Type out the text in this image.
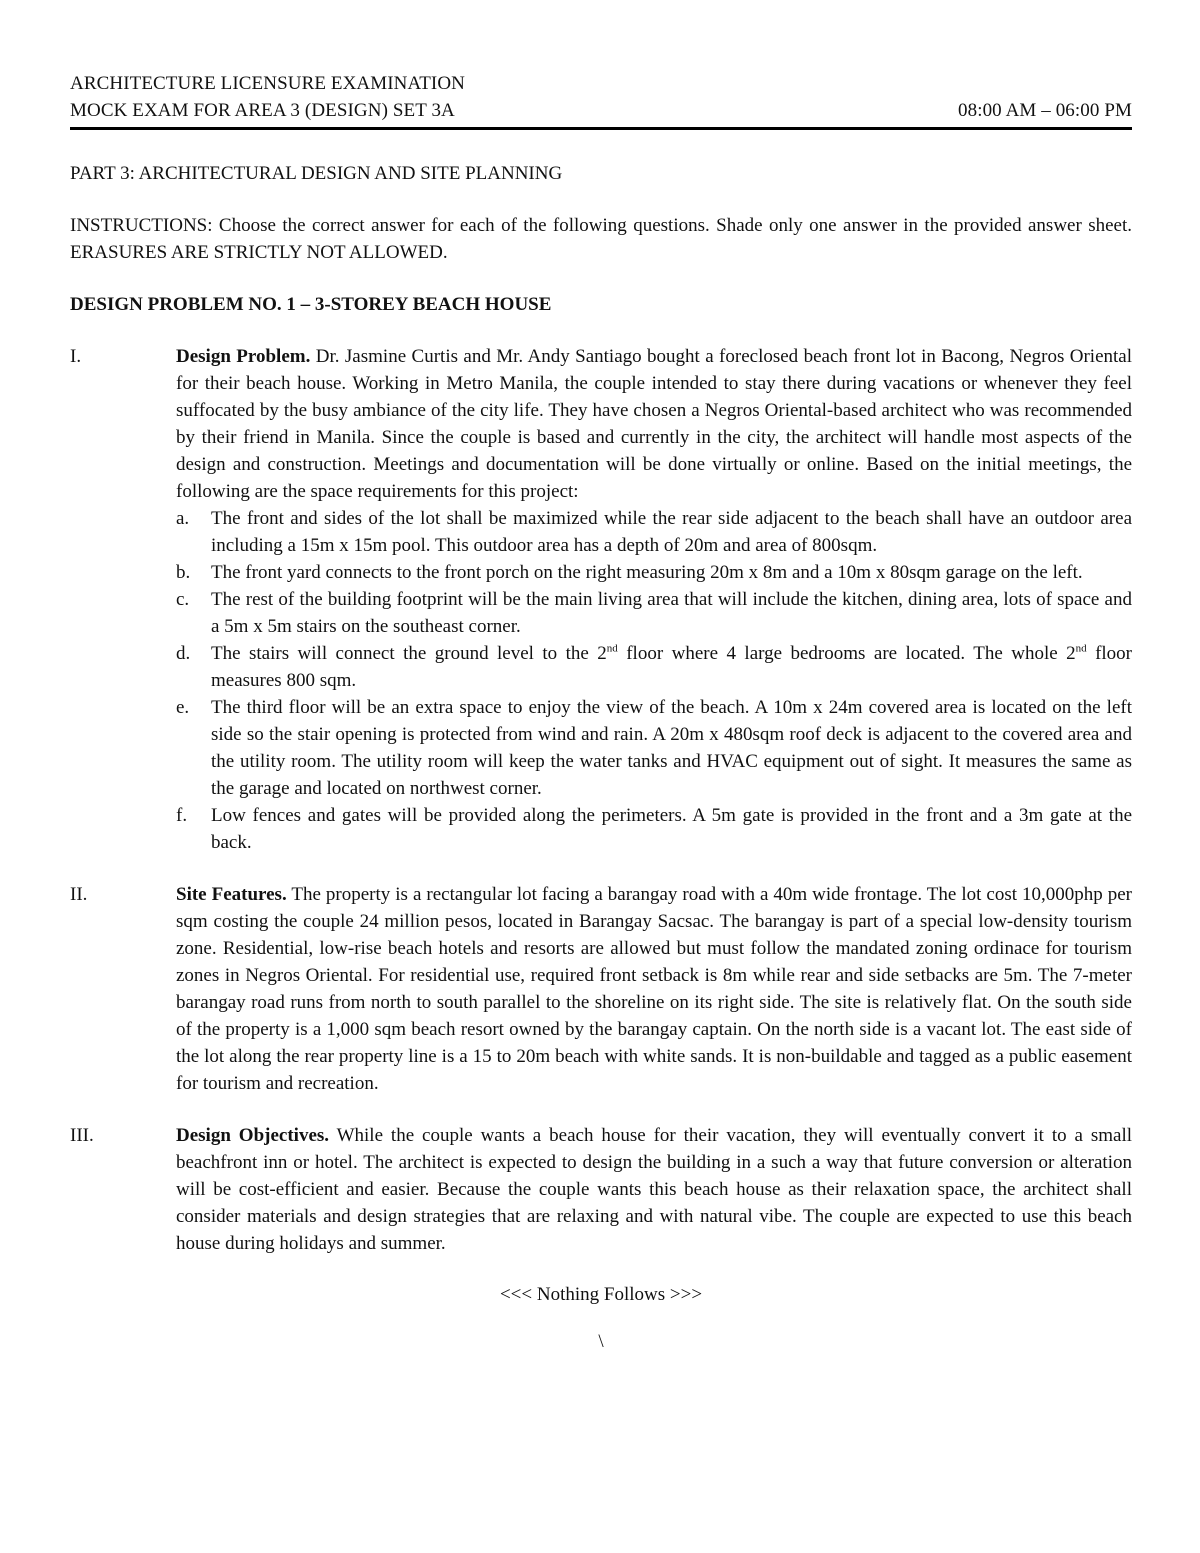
ARCHITECTURE LICENSURE EXAMINATION
MOCK EXAM FOR AREA 3 (DESIGN) SET 3A	08:00 AM – 06:00 PM
PART 3: ARCHITECTURAL DESIGN AND SITE PLANNING
INSTRUCTIONS: Choose the correct answer for each of the following questions. Shade only one answer in the provided answer sheet. ERASURES ARE STRICTLY NOT ALLOWED.
DESIGN PROBLEM NO. 1 – 3-STOREY BEACH HOUSE
I.	Design Problem. Dr. Jasmine Curtis and Mr. Andy Santiago bought a foreclosed beach front lot in Bacong, Negros Oriental for their beach house. Working in Metro Manila, the couple intended to stay there during vacations or whenever they feel suffocated by the busy ambiance of the city life. They have chosen a Negros Oriental-based architect who was recommended by their friend in Manila. Since the couple is based and currently in the city, the architect will handle most aspects of the design and construction. Meetings and documentation will be done virtually or online. Based on the initial meetings, the following are the space requirements for this project:
a.	The front and sides of the lot shall be maximized while the rear side adjacent to the beach shall have an outdoor area including a 15m x 15m pool. This outdoor area has a depth of 20m and area of 800sqm.
b.	The front yard connects to the front porch on the right measuring 20m x 8m and a 10m x 80sqm garage on the left.
c.	The rest of the building footprint will be the main living area that will include the kitchen, dining area, lots of space and a 5m x 5m stairs on the southeast corner.
d.	The stairs will connect the ground level to the 2nd floor where 4 large bedrooms are located. The whole 2nd floor measures 800 sqm.
e.	The third floor will be an extra space to enjoy the view of the beach. A 10m x 24m covered area is located on the left side so the stair opening is protected from wind and rain. A 20m x 480sqm roof deck is adjacent to the covered area and the utility room. The utility room will keep the water tanks and HVAC equipment out of sight. It measures the same as the garage and located on northwest corner.
f.	Low fences and gates will be provided along the perimeters. A 5m gate is provided in the front and a 3m gate at the back.
II.	Site Features. The property is a rectangular lot facing a barangay road with a 40m wide frontage. The lot cost 10,000php per sqm costing the couple 24 million pesos, located in Barangay Sacsac. The barangay is part of a special low-density tourism zone. Residential, low-rise beach hotels and resorts are allowed but must follow the mandated zoning ordinace for tourism zones in Negros Oriental. For residential use, required front setback is 8m while rear and side setbacks are 5m. The 7-meter barangay road runs from north to south parallel to the shoreline on its right side. The site is relatively flat. On the south side of the property is a 1,000 sqm beach resort owned by the barangay captain. On the north side is a vacant lot. The east side of the lot along the rear property line is a 15 to 20m beach with white sands. It is non-buildable and tagged as a public easement for tourism and recreation.
III.	Design Objectives. While the couple wants a beach house for their vacation, they will eventually convert it to a small beachfront inn or hotel. The architect is expected to design the building in a such a way that future conversion or alteration will be cost-efficient and easier. Because the couple wants this beach house as their relaxation space, the architect shall consider materials and design strategies that are relaxing and with natural vibe. The couple are expected to use this beach house during holidays and summer.
<<< Nothing Follows >>>
\
